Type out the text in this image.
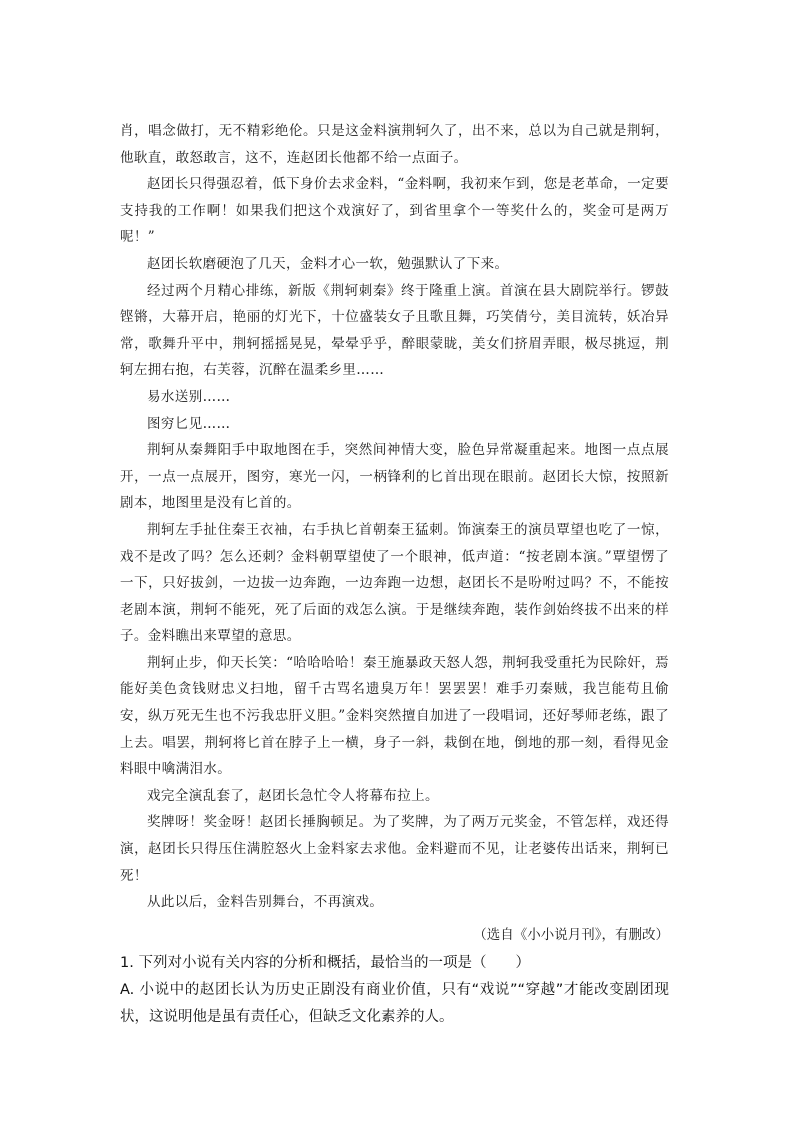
肖，唱念做打，无不精彩绝伦。只是这金料演荆轲久了，出不来，总以为自己就是荆轲，他耿直，敢怒敢言，这不，连赵团长他都不给一点面子。

赵团长只得强忍着，低下身价去求金料，“金料啊，我初来乍到，您是老革命，一定要支持我的工作啊！如果我们把这个戏演好了，到省里拿个一等奖什么的，奖金可是两万呢！”

赵团长软磨硬泡了几天，金料才心一软，勉强默认了下来。

经过两个月精心排练，新版《荆轲刺秦》终于隆重上演。首演在县大剧院举行。锣鼓铿锵，大幕开启，艳丽的灯光下，十位盛装女子且歌且舞，巧笑倩兮，美目流转，妖冶异常，歌舞升平中，荆轲摇摇晃晃，晕晕乎乎，醉眼蒙眬，美女们挤眉弄眼，极尽挑逗，荆轲左拥右抱，右芙蓉，沉醉在温柔乡里……

易水送别……

图穷匕见……

荆轲从秦舞阳手中取地图在手，突然间神情大变，脸色异常凝重起来。地图一点点展开，一点一点展开，图穷，寒光一闪，一柄锋利的匕首出现在眼前。赵团长大惊，按照新剧本，地图里是没有匕首的。

荆轲左手扯住秦王衣袖，右手执匕首朝秦王猛刺。饰演秦王的演员覃望也吃了一惊，戏不是改了吗？怎么还刺？金料朝覃望使了一个眼神，低声道：“按老剧本演。”覃望愣了一下，只好拔剑，一边拔一边奔跑，一边奔跑一边想，赵团长不是吩咐过吗？不，不能按老剧本演，荆轲不能死，死了后面的戏怎么演。于是继续奔跑，装作剑始终拔不出来的样子。金料瞧出来覃望的意思。

荆轲止步，仰天长笑：“哈哈哈哈！秦王施暴政天怒人怨，荆轲我受重托为民除奸，焉能好美色贪钱财忠义扫地，留千古骂名遗臭万年！罢罢罢！难手刃秦贼，我岂能苟且偷安，纵万死无生也不污我忠肝义胆。”金料突然擅自加进了一段唱词，还好琴师老练，跟了上去。唱罢，荆轲将匕首在脖子上一横，身子一斜，栽倒在地，倒地的那一刻，看得见金料眼中噙满泪水。

戏完全演乱套了，赵团长急忙令人将幕布拉上。

奖牌呀！奖金呀！赵团长捶胸顿足。为了奖牌，为了两万元奖金，不管怎样，戏还得演，赵团长只得压住满腔怒火上金料家去求他。金料避而不见，让老婆传出话来，荆轲已死！

从此以后，金料告别舞台，不再演戏。

（选自《小小说月刊》，有删改）

1. 下列对小说有关内容的分析和概括，最恰当的一项是（　　）

A. 小说中的赵团长认为历史正剧没有商业价值，只有“戏说”“穿越”才能改变剧团现状，这说明他是虽有责任心，但缺乏文化素养的人。
